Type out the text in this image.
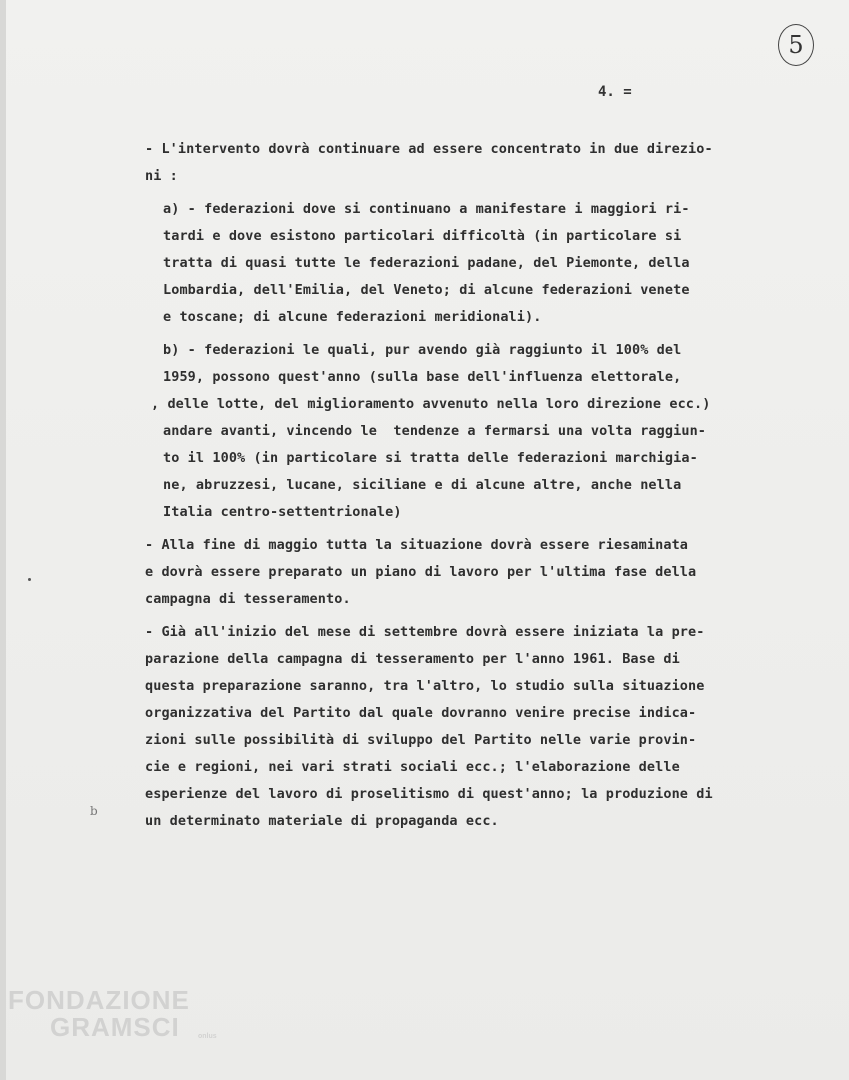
5
4. =
- L'intervento dovrà continuare ad essere concentrato in due direzio-
ni :
a) - federazioni dove si continuano a manifestare i maggiori ri-
tardi e dove esistono particolari difficoltà (in particolare si
tratta di quasi tutte le federazioni padane, del Piemonte, della
Lombardia, dell'Emilia, del Veneto; di alcune federazioni venete
e toscane; di alcune federazioni meridionali).
b) - federazioni le quali, pur avendo già raggiunto il 100% del
1959, possono quest'anno (sulla base dell'influenza elettorale,
, delle lotte, del miglioramento avvenuto nella loro direzione ecc.)
andare avanti, vincendo le  tendenze a fermarsi una volta raggiun-
to il 100% (in particolare si tratta delle federazioni marchigia-
ne, abruzzesi, lucane, siciliane e di alcune altre, anche nella
Italia centro-settentrionale)
- Alla fine di maggio tutta la situazione dovrà essere riesaminata
e dovrà essere preparato un piano di lavoro per l'ultima fase della
campagna di tesseramento.
- Già all'inizio del mese di settembre dovrà essere iniziata la pre-
parazione della campagna di tesseramento per l'anno 1961. Base di
questa preparazione saranno, tra l'altro, lo studio sulla situazione
organizzativa del Partito dal quale dovranno venire precise indica-
zioni sulle possibilità di sviluppo del Partito nelle varie provin-
cie e regioni, nei vari strati sociali ecc.; l'elaborazione delle
esperienze del lavoro di proselitismo di quest'anno; la produzione di
un determinato materiale di propaganda ecc.
b
FONDAZIONE
GRAMSCI	onlus
